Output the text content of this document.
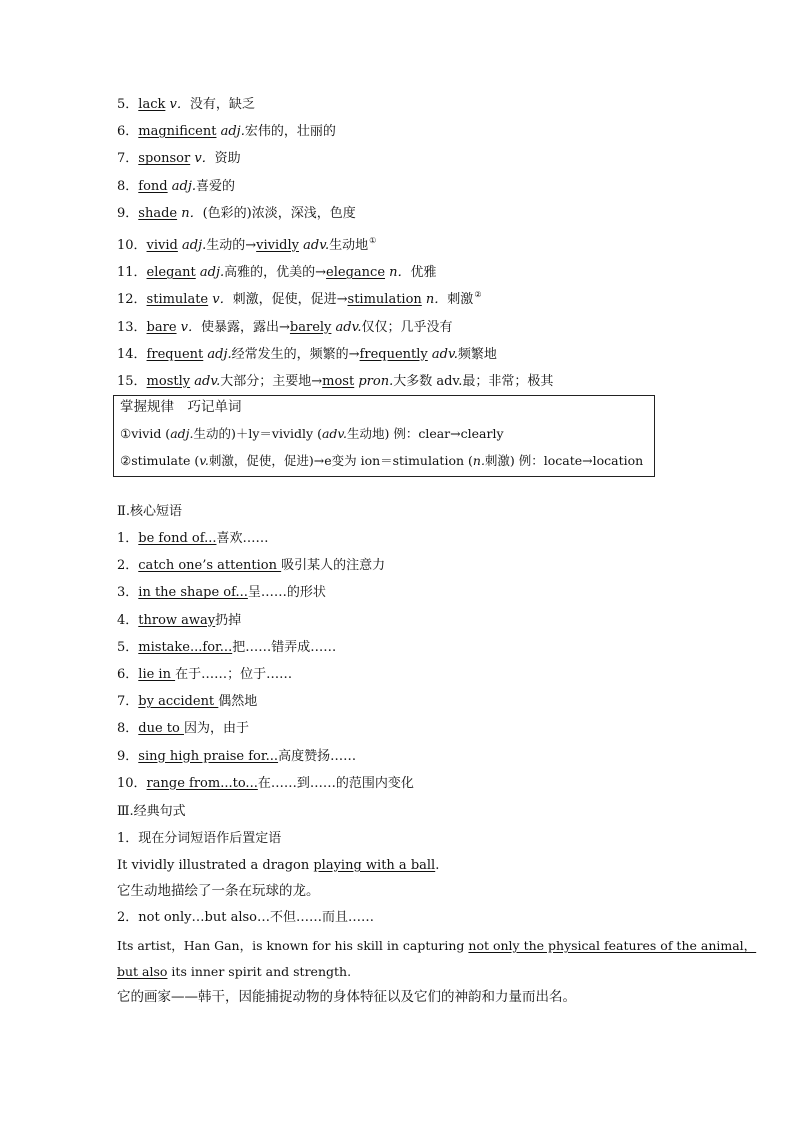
5．lack v．没有，缺乏
6．magnificent adj.宏伟的，壮丽的
7．sponsor v．资助
8．fond adj.喜爱的
9．shade n．(色彩的)浓淡，深浅，色度
10．vivid adj.生动的→vividly adv.生动地①
11．elegant adj.高雅的，优美的→elegance n．优雅
12．stimulate v．刺激，促使，促进→stimulation n．刺激②
13．bare v．使暴露，露出→barely adv.仅仅；几乎没有
14．frequent adj.经常发生的，频繁的→frequently adv.频繁地
15．mostly adv.大部分；主要地→most pron.大多数 adv.最；非常；极其
掌握规律　巧记单词
①vivid (adj.生动的)＋ly＝vividly (adv.生动地) 例：clear→clearly
②stimulate (v.刺激，促使，促进)→e变为 ion＝stimulation (n.刺激) 例：locate→location
Ⅱ.核心短语
1．be fond of...喜欢……
2．catch one’s attention 吸引某人的注意力
3．in the shape of...呈……的形状
4．throw away扔掉
5．mistake...for...把……错弄成……
6．lie in 在于……；位于……
7．by accident 偶然地
8．due to 因为，由于
9．sing high praise for...高度赞扬……
10．range from...to...在……到……的范围内变化
Ⅲ.经典句式
1．现在分词短语作后置定语
It vividly illustrated a dragon playing with a ball.
它生动地描绘了一条在玩球的龙。
2．not only…but also…不但……而且……
Its artist，Han Gan，is known for his skill in capturing not only the physical features of the animal，
but also its inner spirit and strength.
它的画家——韩干，因能捕捉动物的身体特征以及它们的神韵和力量而出名。
